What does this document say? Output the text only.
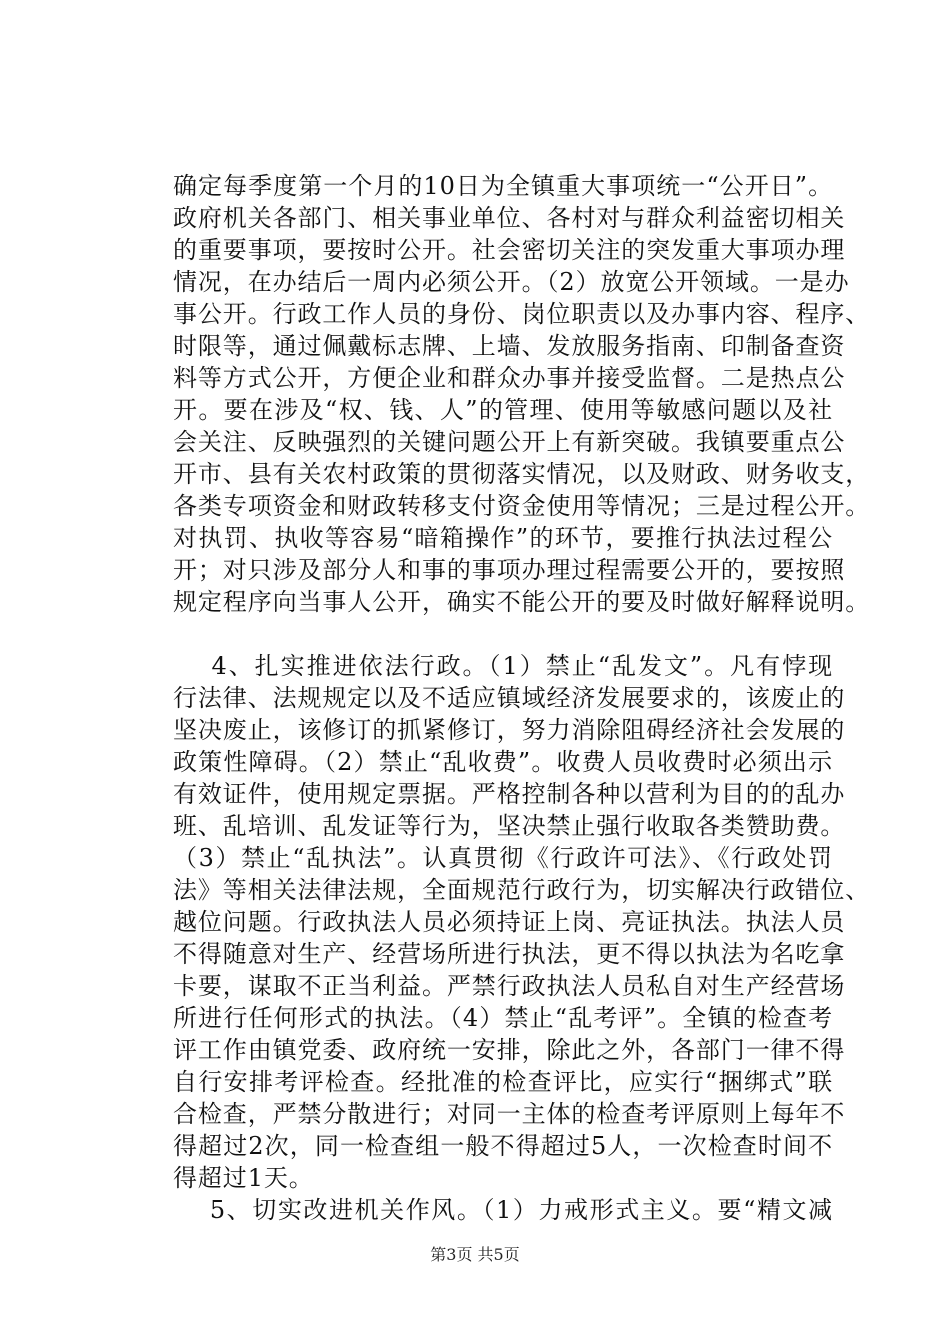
确定每季度第一个月的10日为全镇重大事项统一“公开日”。
政府机关各部门、相关事业单位、各村对与群众利益密切相关
的重要事项，要按时公开。社会密切关注的突发重大事项办理
情况，在办结后一周内必须公开。（2）放宽公开领域。一是办
事公开。行政工作人员的身份、岗位职责以及办事内容、程序、
时限等，通过佩戴标志牌、上墙、发放服务指南、印制备查资
料等方式公开，方便企业和群众办事并接受监督。二是热点公
开。要在涉及“权、钱、人”的管理、使用等敏感问题以及社
会关注、反映强烈的关键问题公开上有新突破。我镇要重点公
开市、县有关农村政策的贯彻落实情况，以及财政、财务收支，
各类专项资金和财政转移支付资金使用等情况；三是过程公开。
对执罚、执收等容易“暗箱操作”的环节，要推行执法过程公
开；对只涉及部分人和事的事项办理过程需要公开的，要按照
规定程序向当事人公开，确实不能公开的要及时做好解释说明。
4、扎实推进依法行政。（1）禁止“乱发文”。凡有悖现
行法律、法规规定以及不适应镇域经济发展要求的，该废止的
坚决废止，该修订的抓紧修订，努力消除阻碍经济社会发展的
政策性障碍。（2）禁止“乱收费”。收费人员收费时必须出示
有效证件，使用规定票据。严格控制各种以营利为目的的乱办
班、乱培训、乱发证等行为，坚决禁止强行收取各类赞助费。
（3）禁止“乱执法”。认真贯彻《行政许可法》、《行政处罚
法》等相关法律法规，全面规范行政行为，切实解决行政错位、
越位问题。行政执法人员必须持证上岗、亮证执法。执法人员
不得随意对生产、经营场所进行执法，更不得以执法为名吃拿
卡要，谋取不正当利益。严禁行政执法人员私自对生产经营场
所进行任何形式的执法。（4）禁止“乱考评”。全镇的检查考
评工作由镇党委、政府统一安排，除此之外，各部门一律不得
自行安排考评检查。经批准的检查评比，应实行“捆绑式”联
合检查，严禁分散进行；对同一主体的检查考评原则上每年不
得超过2次，同一检查组一般不得超过5人，一次检查时间不
得超过1天。
5、切实改进机关作风。（1）力戒形式主义。要“精文减
第3页 共5页
